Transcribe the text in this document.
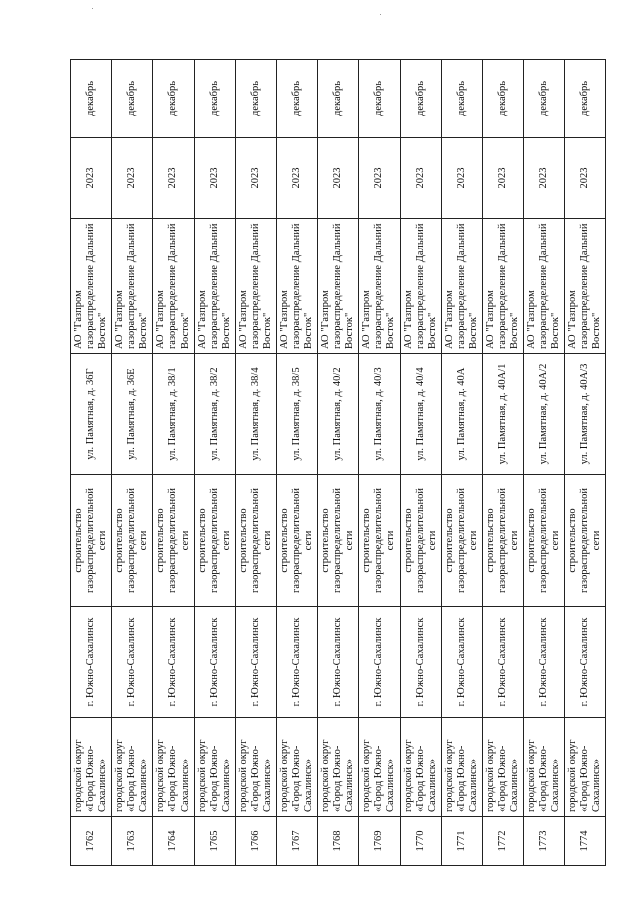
1762	городской округ «Город Южно-Сахалинск»	г. Южно-Сахалинск	строительство газораспределительной сети	ул. Памятная, д. 36Г	АО "Газпром газораспределение Дальний Восток"	2023	декабрь
1763	городской округ «Город Южно-Сахалинск»	г. Южно-Сахалинск	строительство газораспределительной сети	ул. Памятная, д. 36Е	АО "Газпром газораспределение Дальний Восток"	2023	декабрь
1764	городской округ «Город Южно-Сахалинск»	г. Южно-Сахалинск	строительство газораспределительной сети	ул. Памятная, д. 38/1	АО "Газпром газораспределение Дальний Восток"	2023	декабрь
1765	городской округ «Город Южно-Сахалинск»	г. Южно-Сахалинск	строительство газораспределительной сети	ул. Памятная, д. 38/2	АО "Газпром газораспределение Дальний Восток"	2023	декабрь
1766	городской округ «Город Южно-Сахалинск»	г. Южно-Сахалинск	строительство газораспределительной сети	ул. Памятная, д. 38/4	АО "Газпром газораспределение Дальний Восток"	2023	декабрь
1767	городской округ «Город Южно-Сахалинск»	г. Южно-Сахалинск	строительство газораспределительной сети	ул. Памятная, д. 38/5	АО "Газпром газораспределение Дальний Восток"	2023	декабрь
1768	городской округ «Город Южно-Сахалинск»	г. Южно-Сахалинск	строительство газораспределительной сети	ул. Памятная, д. 40/2	АО "Газпром газораспределение Дальний Восток"	2023	декабрь
1769	городской округ «Город Южно-Сахалинск»	г. Южно-Сахалинск	строительство газораспределительной сети	ул. Памятная, д. 40/3	АО "Газпром газораспределение Дальний Восток"	2023	декабрь
1770	городской округ «Город Южно-Сахалинск»	г. Южно-Сахалинск	строительство газораспределительной сети	ул. Памятная, д. 40/4	АО "Газпром газораспределение Дальний Восток"	2023	декабрь
1771	городской округ «Город Южно-Сахалинск»	г. Южно-Сахалинск	строительство газораспределительной сети	ул. Памятная, д. 40А	АО "Газпром газораспределение Дальний Восток"	2023	декабрь
1772	городской округ «Город Южно-Сахалинск»	г. Южно-Сахалинск	строительство газораспределительной сети	ул. Памятная, д. 40А/1	АО "Газпром газораспределение Дальний Восток"	2023	декабрь
1773	городской округ «Город Южно-Сахалинск»	г. Южно-Сахалинск	строительство газораспределительной сети	ул. Памятная, д. 40А/2	АО "Газпром газораспределение Дальний Восток"	2023	декабрь
1774	городской округ «Город Южно-Сахалинск»	г. Южно-Сахалинск	строительство газораспределительной сети	ул. Памятная, д. 40А/3	АО "Газпром газораспределение Дальний Восток"	2023	декабрь
